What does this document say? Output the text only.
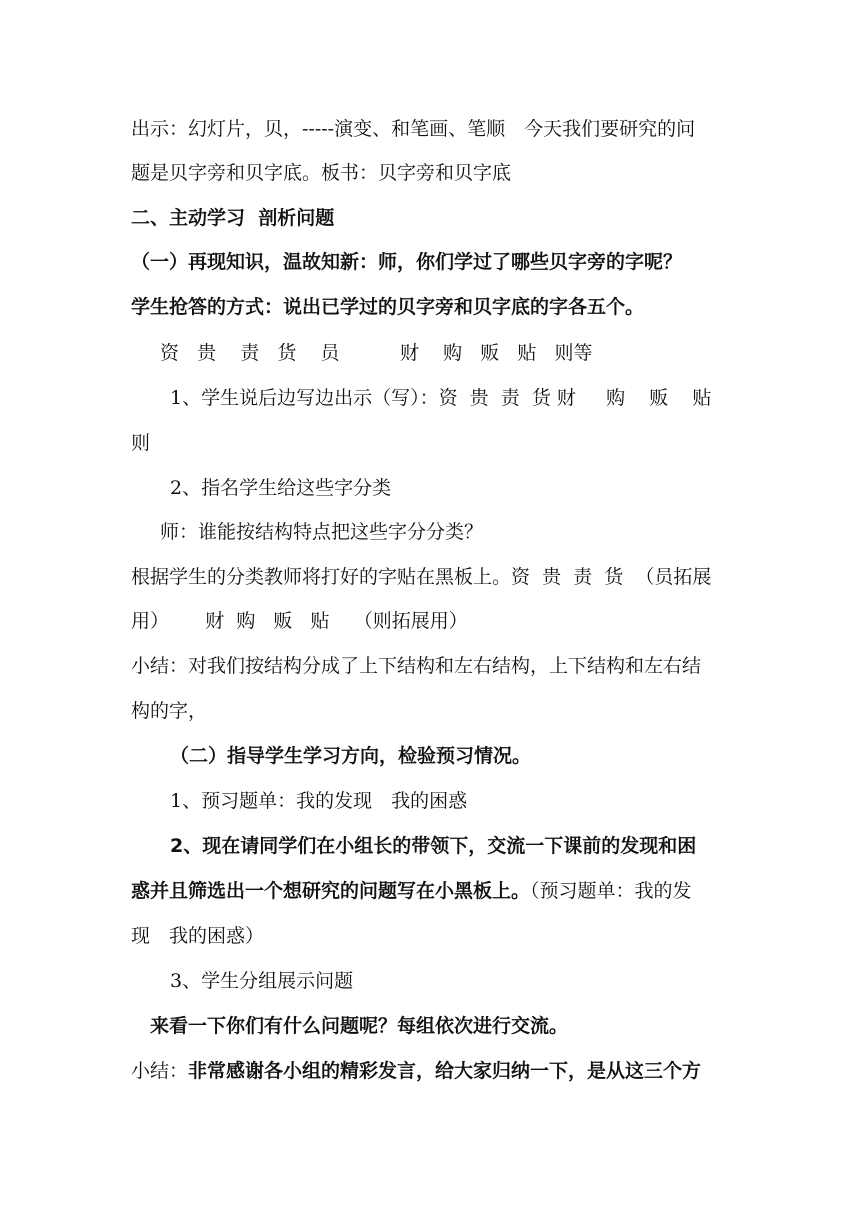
出示：幻灯片，贝，-----演变、和笔画、笔顺　今天我们要研究的问

题是贝字旁和贝字底。板书：贝字旁和贝字底

二、主动学习  剖析问题

（一）再现知识，温故知新：师，你们学过了哪些贝字旁的字呢？

学生抢答的方式：说出已学过的贝字旁和贝字底的字各五个。

资   贵    责   货    员          财    购   贩   贴   则等

1、学生说后边写边出示（写）：资  贵  责  货 财     购    贩    贴

则

2、指名学生给这些字分类

师：谁能按结构特点把这些字分分类？

根据学生的分类教师将打好的字贴在黑板上。资  贵  责  货  （员拓展

用）      财  购   贩   贴    （则拓展用）

小结：对我们按结构分成了上下结构和左右结构，上下结构和左右结

构的字，

（二）指导学生学习方向，检验预习情况。

1、预习题单：我的发现　我的困惑

2、现在请同学们在小组长的带领下，交流一下课前的发现和困

惑并且筛选出一个想研究的问题写在小黑板上。（预习题单：我的发

现　我的困惑）

3、学生分组展示问题

来看一下你们有什么问题呢？每组依次进行交流。

小结：非常感谢各小组的精彩发言，给大家归纳一下，是从这三个方
